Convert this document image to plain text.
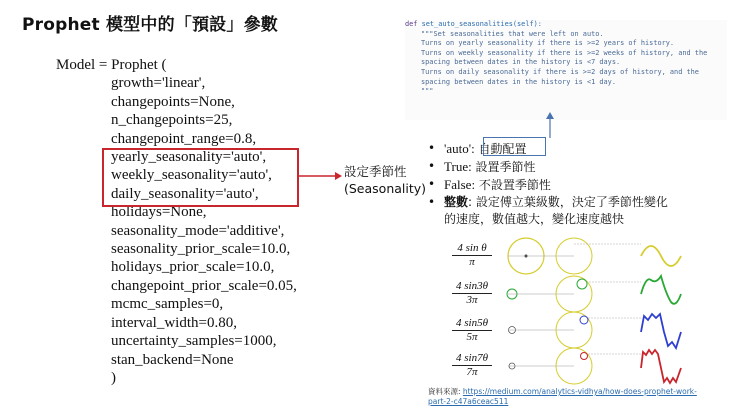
Prophet 模型中的「預設」參數
Model = Prophet (
growth='linear',
changepoints=None,
n_changepoints=25,
changepoint_range=0.8,
yearly_seasonality='auto',
weekly_seasonality='auto',
daily_seasonality='auto',
holidays=None,
seasonality_mode='additive',
seasonality_prior_scale=10.0,
holidays_prior_scale=10.0,
changepoint_prior_scale=0.05,
mcmc_samples=0,
interval_width=0.80,
uncertainty_samples=1000,
stan_backend=None
)
設定季節性
(Seasonality)
def set_auto_seasonalities(self):
"""Set seasonalities that were left on auto.
Turns on yearly seasonality if there is >=2 years of history.
Turns on weekly seasonality if there is >=2 weeks of history, and the
spacing between dates in the history is <7 days.
Turns on daily seasonality if there is >=2 days of history, and the
spacing between dates in the history is <1 day.
"""
• 'auto': 自動配置
• True: 設置季節性
• False: 不設置季節性
• 整數: 設定傅立葉級數，決定了季節性變化
的速度，數值越大，變化速度越快
$\frac{\text{4 sin θ}}{\pi}$
$\frac{4 \sin 3\theta}{3\pi}$
$\frac{4 \sin 5\theta}{5\pi}$
$\frac{4 \sin 7\theta}{7\pi}$
資料來源: https://medium.com/analytics-vidhya/how-does-prophet-work-
part-2-c47a6ceac511
